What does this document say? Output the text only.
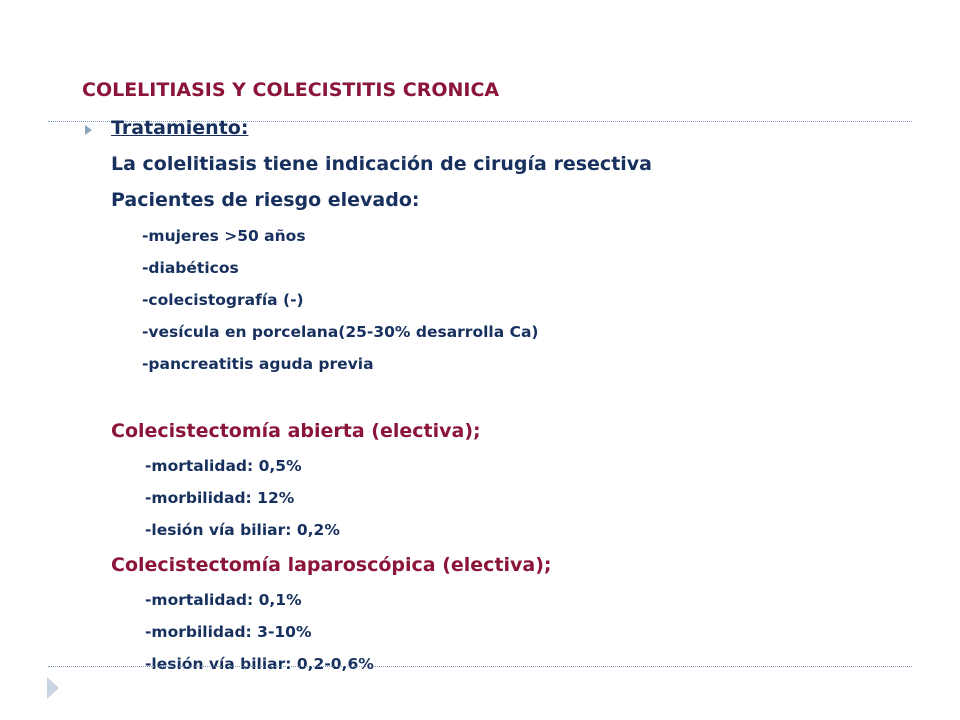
COLELITIASIS Y COLECISTITIS CRONICA
Tratamiento:
La colelitiasis tiene indicación de cirugía resectiva
Pacientes de riesgo elevado:
-mujeres >50 años
-diabéticos
-colecistografía (-)
-vesícula en porcelana(25-30% desarrolla Ca)
-pancreatitis aguda previa
Colecistectomía abierta (electiva);
-mortalidad: 0,5%
-morbilidad: 12%
-lesión vía biliar: 0,2%
Colecistectomía laparoscópica (electiva);
-mortalidad: 0,1%
-morbilidad: 3-10%
-lesión vía biliar: 0,2-0,6%
